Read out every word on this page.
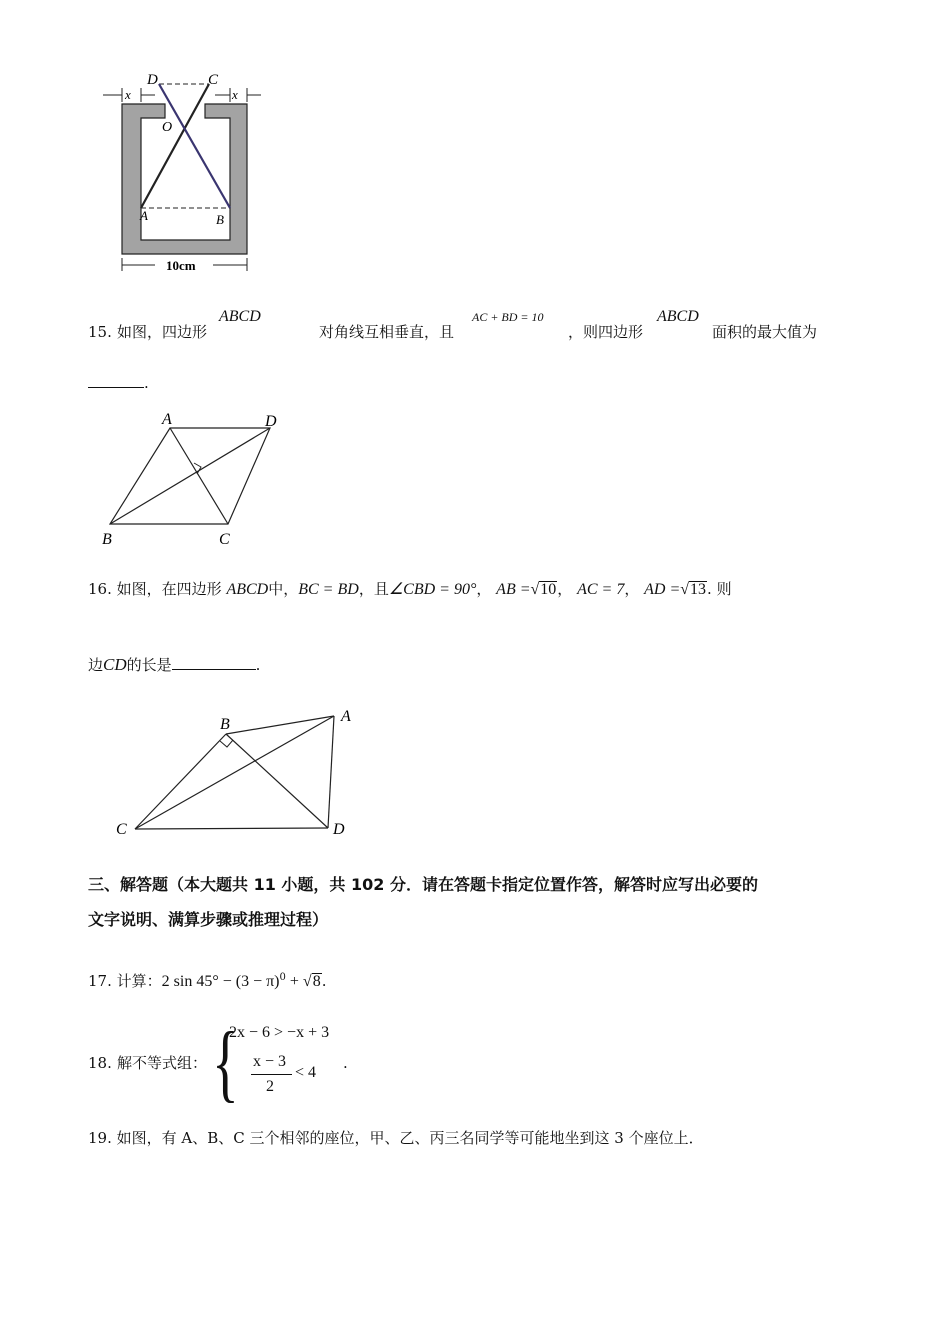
D	C
O
A	B
x	x
10cm
15. 如图，四边形
ABCD
对角线互相垂直，且
AC + BD = 10
，则四边形
ABCD
面积的最大值为
.
A	D
B	C
16. 如图，在四边形 ABCD中，BC = BD，且∠CBD = 90°， AB =√10， AC = 7， AD =√13. 则
边CD的长是	.
B	A
C	D
三、解答题（本大题共 11 小题，共 102 分．请在答题卡指定位置作答，解答时应写出必要的
文字说明、满算步骤或推理过程）
17. 计算：2 $\sin 45^\circ - (3 - \pi)^0 + √8$.
18. 解不等式组： {
2x − 6 > −x + 3
x − 3
2
< 4
.
19. 如图，有 A、B、C 三个相邻的座位，甲、乙、丙三名同学等可能地坐到这 3 个座位上．
